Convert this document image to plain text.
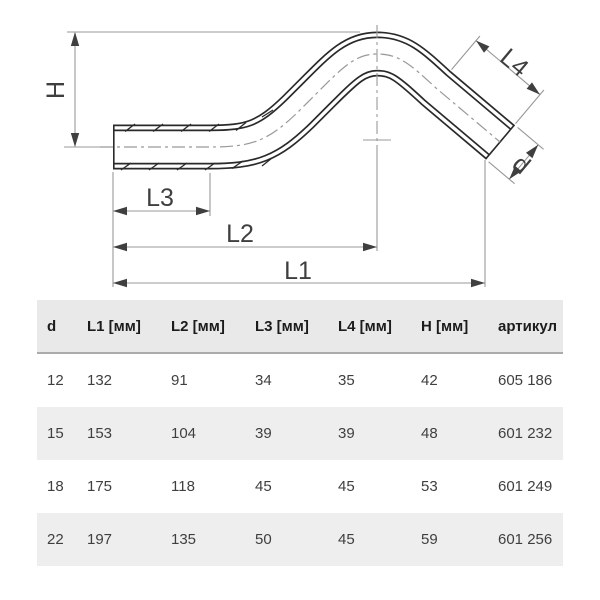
H
L3
L2
L1
L4
d
d	L1 [мм]	L2 [мм]	L3 [мм]	L4 [мм]	H [мм]	артикул
12	132	91	34	35	42	605 186
15	153	104	39	39	48	601 232
18	175	118	45	45	53	601 249
22	197	135	50	45	59	601 256
